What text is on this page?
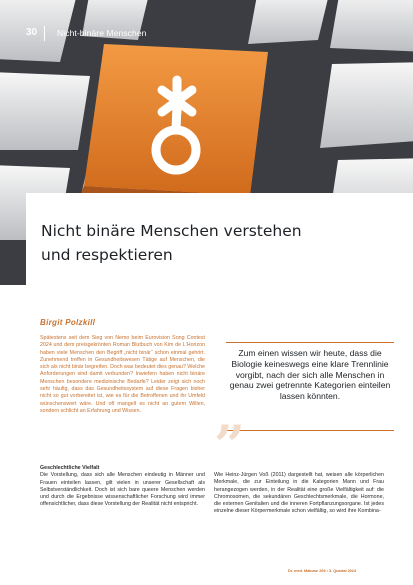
30 Nicht-binäre Menschen
Nicht binäre Menschen verstehen
und respektieren
Birgit Polzkill

Spätestens seit dem Sieg von Nemo beim Eurovision Song Contest 2024 und dem preisgekrönten Roman Blutbuch von Kim de L'Horizon haben viele Menschen den Begriff „nicht binär“ schon einmal gehört. Zunehmend treffen in Gesundheitswesen Tätige auf Menschen, die sich als nicht binär begreifen. Doch was bedeutet dies genau? Welche Anforderungen sind damit verbunden? Inwiefern haben nicht binäre Menschen besondere medizinische Bedarfe? Leider zeigt sich noch sehr häufig, dass das Gesundheitssystem auf diese Fragen bisher nicht so gut vorbereitet ist, wie es für die Betroffenen und ihr Umfeld wünschenswert wäre. Und oft mangelt es nicht an gutem Willen, sondern schlicht an Erfahrung und Wissen.

Geschlechtliche Vielfalt

Die Vorstellung, dass sich alle Menschen eindeutig in Männer und Frauen einteilen lassen, gilt vielen in unserer Gesellschaft als Selbstverständlichkeit. Doch ist sich bare queere Menschen werden und durch die Ergebnisse wissenschaftlicher Forschung wird immer offensichtlicher, dass diese Vorstellung der Realität nicht entspricht.

Zum einen wissen wir heute, dass die Biologie keineswegs eine klare Trennlinie vorgibt, nach der sich alle Menschen in genau zwei getrennte Kategorien einteilen lassen könnten.

”

Wie Heinz-Jürgen Voß (2011) dargestellt hat, weisen alle körperlichen Merkmale, die zur Einteilung in die Kategorien Mann und Frau herangezogen werden, in der Realität eine große Vielfältigkeit auf: die Chromosomen, die sekundären Geschlechtsmerkmale, die Hormone, die externen Genitalien und die inneren Fortpflanzungsorgane. Ist jedes einzelne dieser Körpermerkmale schon vielfältig, so wird ihre Kombina-

Dr. med. Mabuse 269 • 3. Quartal 2024
